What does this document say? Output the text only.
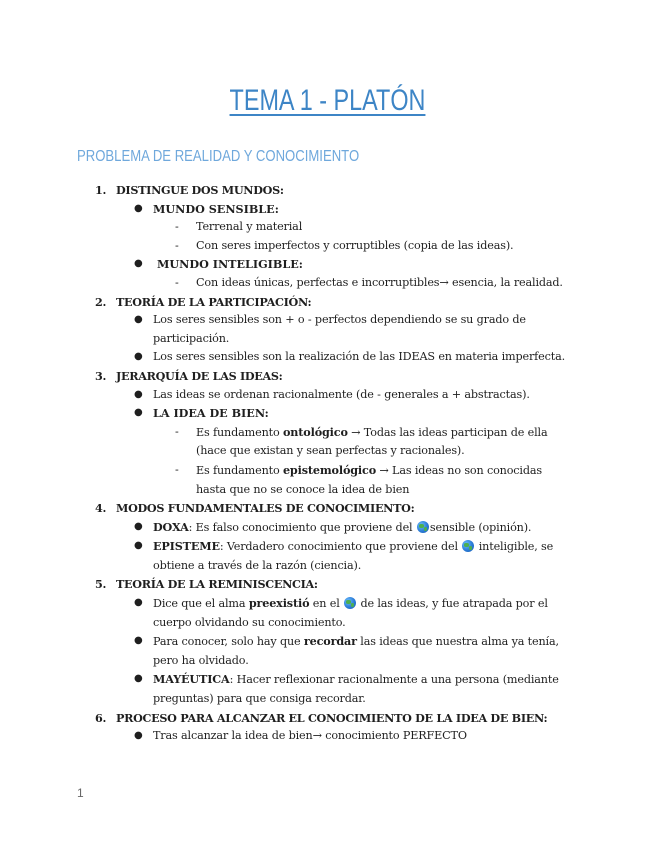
TEMA 1 - PLATÓN
PROBLEMA DE REALIDAD Y CONOCIMIENTO
1. DISTINGUE DOS MUNDOS:
● MUNDO SENSIBLE:
- Terrenal y material
- Con seres imperfectos y corruptibles (copia de las ideas).
● MUNDO INTELIGIBLE:
- Con ideas únicas, perfectas e incorruptibles→ esencia, la realidad.
2. TEORÍA DE LA PARTICIPACIÓN:
● Los seres sensibles son + o - perfectos dependiendo se su grado de participación.
● Los seres sensibles son la realización de las IDEAS en materia imperfecta.
3. JERARQUÍA DE LAS IDEAS:
● Las ideas se ordenan racionalmente (de - generales a + abstractas).
● LA IDEA DE BIEN:
- Es fundamento ontológico → Todas las ideas participan de ella (hace que existan y sean perfectas y racionales).
- Es fundamento epistemológico → Las ideas no son conocidas hasta que no se conoce la idea de bien
4. MODOS FUNDAMENTALES DE CONOCIMIENTO:
● DOXA: Es falso conocimiento que proviene del sensible (opinión).
● EPISTEME: Verdadero conocimiento que proviene del  inteligible, se obtiene a través de la razón (ciencia).
5. TEORÍA DE LA REMINISCENCIA:
● Dice que el alma preexistió en el  de las ideas, y fue atrapada por el cuerpo olvidando su conocimiento.
● Para conocer, solo hay que recordar las ideas que nuestra alma ya tenía, pero ha olvidado.
● MAYÉUTICA: Hacer reflexionar racionalmente a una persona (mediante preguntas) para que consiga recordar.
6. PROCESO PARA ALCANZAR EL CONOCIMIENTO DE LA IDEA DE BIEN:
● Tras alcanzar la idea de bien→ conocimiento PERFECTO
1
